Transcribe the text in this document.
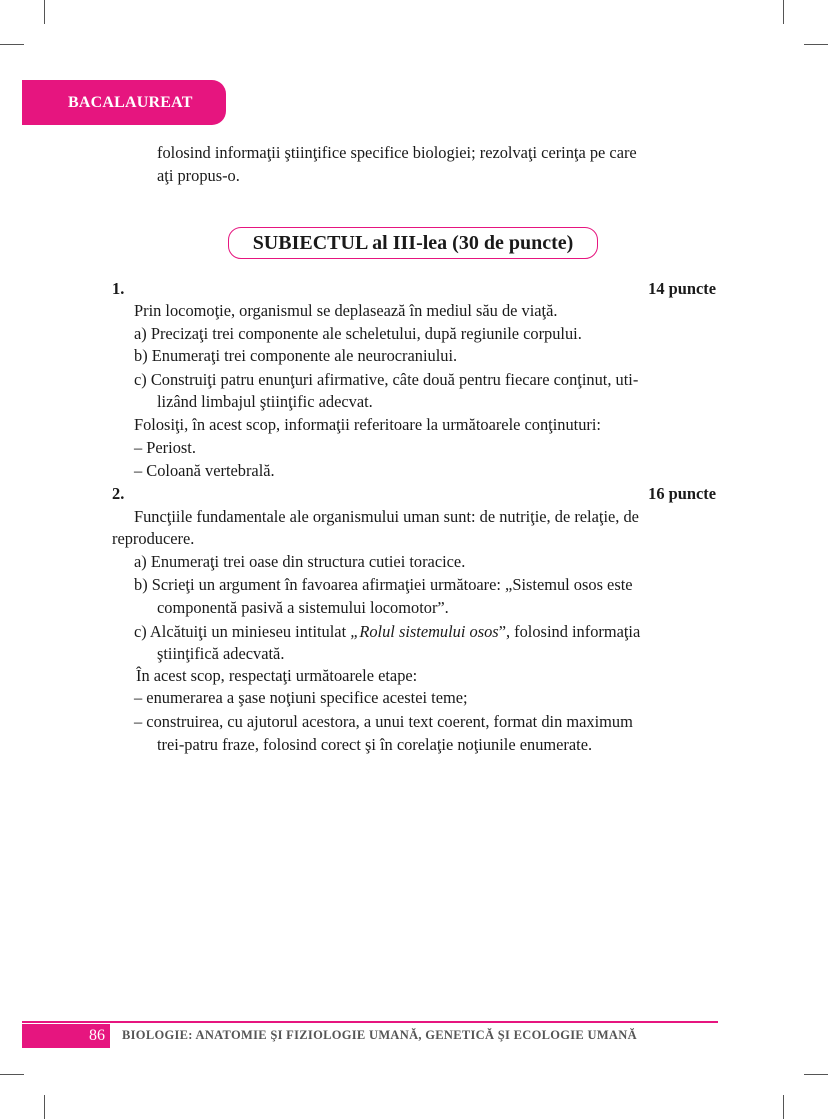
BACALAUREAT
folosind informaţii ştiinţifice specifice biologiei; rezolvaţi cerinţa pe care
aţi propus-o.
SUBIECTUL al III-lea (30 de puncte)
1.	14 puncte
Prin locomoţie, organismul se deplasează în mediul său de viaţă.
a) Precizaţi trei componente ale scheletului, după regiunile corpului.
b) Enumeraţi trei componente ale neurocraniului.
c) Construiţi patru enunţuri afirmative, câte două pentru fiecare conţinut, uti-
lizând limbajul ştiinţific adecvat.
Folosiţi, în acest scop, informaţii referitoare la următoarele conţinuturi:
– Periost.
– Coloană vertebrală.
2.	16 puncte
Funcţiile fundamentale ale organismului uman sunt: de nutriţie, de relaţie, de
reproducere.
a) Enumeraţi trei oase din structura cutiei toracice.
b) Scrieţi un argument în favoarea afirmaţiei următoare: „Sistemul osos este
componentă pasivă a sistemului locomotor”.
c) Alcătuiţi un minieseu intitulat „Rolul sistemului osos”, folosind informaţia
ştiinţifică adecvată.
În acest scop, respectaţi următoarele etape:
– enumerarea a şase noţiuni specifice acestei teme;
– construirea, cu ajutorul acestora, a unui text coerent, format din maximum
trei-patru fraze, folosind corect şi în corelaţie noţiunile enumerate.
86	BIOLOGIE: ANATOMIE ŞI FIZIOLOGIE UMANĂ, GENETICĂ ŞI ECOLOGIE UMANĂ
